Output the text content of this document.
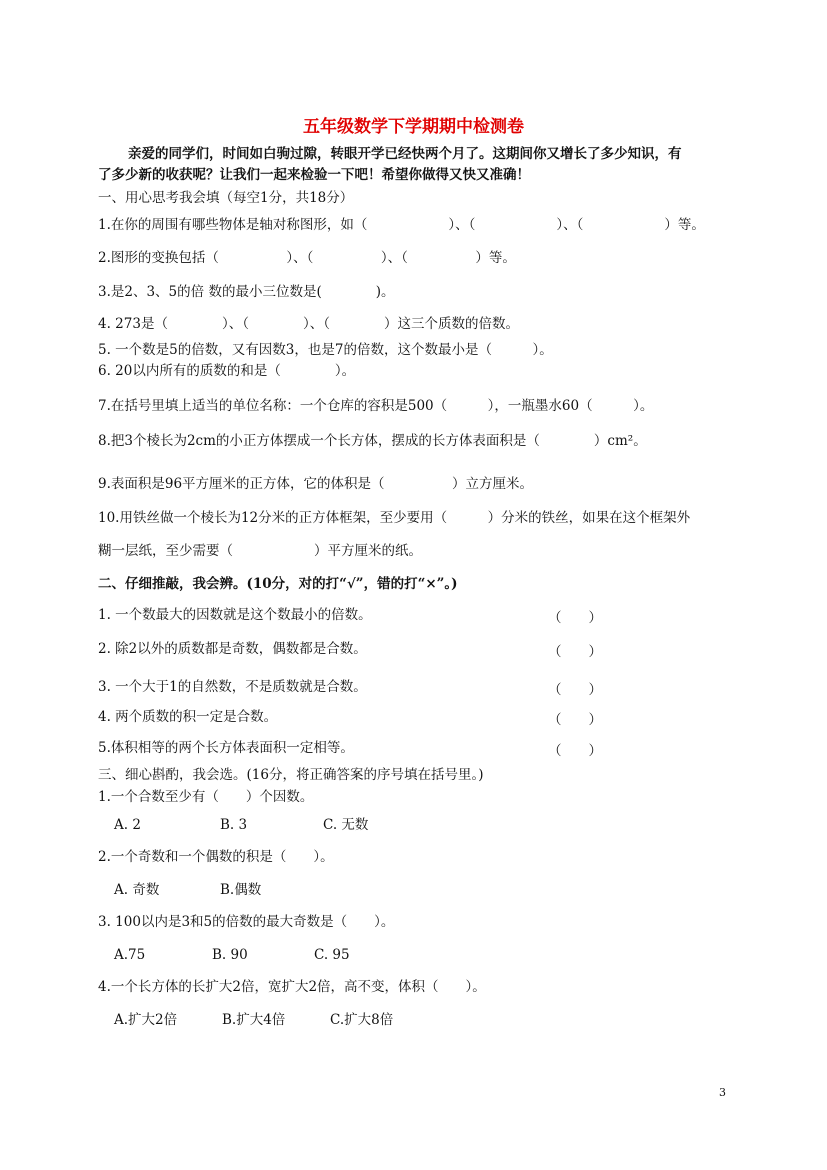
五年级数学下学期期中检测卷
亲爱的同学们，时间如白驹过隙，转眼开学已经快两个月了。这期间你又增长了多少知识，有
了多少新的收获呢？让我们一起来检验一下吧！希望你做得又快又准确！
一、用心思考我会填（每空1分，共18分）
1.在你的周围有哪些物体是轴对称图形，如（　　　　　　）、（　　　　　　）、（　　　　　　）等。
2.图形的变换包括（　　　　　）、（　　　　　）、（　　　　　）等。
3.是2、3、5的倍 数的最小三位数是(　　　　)。
4. 273是（　　　　）、（　　　　）、（　　　　）这三个质数的倍数。
5. 一个数是5的倍数，又有因数3，也是7的倍数，这个数最小是（　　　）。
6. 20以内所有的质数的和是（　　　　）。
7.在括号里填上适当的单位名称：一个仓库的容积是500（　　　），一瓶墨水60（　　　）。
8.把3个棱长为2cm的小正方体摆成一个长方体，摆成的长方体表面积是（　　　　）cm²。
9.表面积是96平方厘米的正方体，它的体积是（　　　　　）立方厘米。
10.用铁丝做一个棱长为12分米的正方体框架，至少要用（　　　）分米的铁丝，如果在这个框架外
糊一层纸，至少需要（　　　　　　）平方厘米的纸。
二、仔细推敲，我会辨。(10分，对的打“√”，错的打“×”。)
1. 一个数最大的因数就是这个数最小的倍数。	（　　）
2. 除2以外的质数都是奇数，偶数都是合数。	（　　）
3. 一个大于1的自然数，不是质数就是合数。	（　　）
4. 两个质数的积一定是合数。	（　　）
5.体积相等的两个长方体表面积一定相等。	（　　）
三、细心斟酌，我会选。(16分，将正确答案的序号填在括号里。)
1.一个合数至少有（　　）个因数。
A. 2	B. 3	C. 无数
2.一个奇数和一个偶数的积是（　　）。
A. 奇数	B.偶数
3. 100以内是3和5的倍数的最大奇数是（　　）。
A.75	B. 90	C. 95
4.一个长方体的长扩大2倍，宽扩大2倍，高不变，体积（　　）。
A.扩大2倍	B.扩大4倍	C.扩大8倍
3
